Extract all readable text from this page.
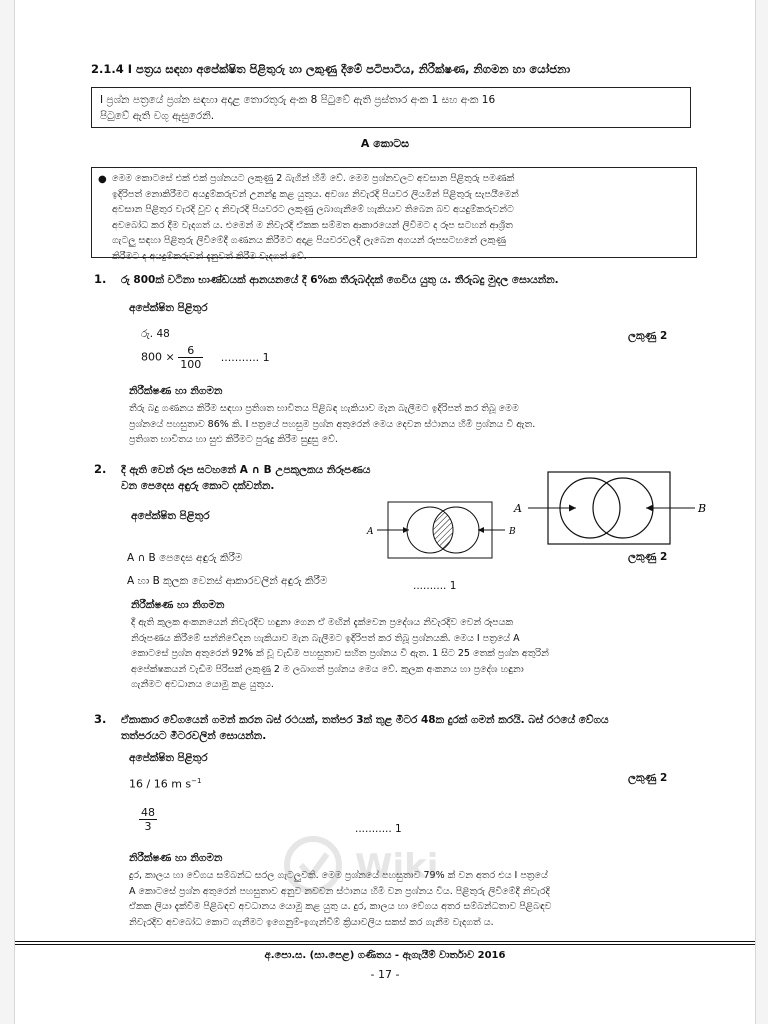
2.1.4 I පත්‍රය සඳහා අපේක්ෂිත පිළිතුරු හා ලකුණු දීමේ පටිපාටිය, නිරීක්ෂණ, නිගමන හා යෝජනා
I ප්‍රශ්න පත්‍රයේ ප්‍රශ්න සඳහා අදාළ තොරතුරු අංක 8 පිටුවේ ඇති ප්‍රස්තාර අංක 1 සහ අංක 16
පිටුවේ ඇති වගු ඇසුරෙනි.
A කොටස
● මෙම කොටසේ එක් එක් ප්‍රශ්නයට ලකුණු 2 බැගින් හිමි වේ. මෙම ප්‍රශ්නවලට අවසාන පිළිතුරු පමණක්
ඉදිරිපත් නොකිරීමට අයදුම්කරුවන් උනන්දු කළ යුතුය. අවශ්‍ය නිවැරදි පියවර ලියමින් පිළිතුරු සැපයීමෙන්
අවසාන පිළිතුර වැරදි වුව ද නිවැරදි පියවරට ලකුණු ලබාගැනීමේ හැකියාව තිබෙන බව අයදුම්කරුවන්ට
අවබෝධ කර දීම වැදගත් ය. එමෙන් ම නිවැරදි ඒකක සම්මත ආකාරයෙන් ලිවීමට ද රූප සටහන් ආශ්‍රිත
ගැටලු සඳහා පිළිතුරු ලිවීමේදී ගණනය කිරීමට අදාළ පියවරවලදී ලැබෙන අගයන් රූපසටහනේ ලකුණු
කිරීමට ද අයදුම්කරුවන් දැනුවත් කිරීම වැදගත් වේ.
1. රු 800ක් වටිනා භාණ්ඩයක් ආනයනයේ දී 6%ක තීරුබද්දක් ගෙවිය යුතු ය. තීරුබදු මුදල සොයන්න.
අපේක්ෂිත පිළිතුර
රු. 48
$800 \times \frac{6}{100}$ ........... 1
ලකුණු 2
නිරීක්ෂණ හා නිගමන
තීරු බදු ගණනය කිරීම සඳහා ප්‍රතිශත භාවිතය පිළිබඳ හැකියාව මැන බැලීමට ඉදිරිපත් කර තිබූ මෙම
ප්‍රශ්නයේ පහසුතාව 86% කි. I පත්‍රයේ පහසුම ප්‍රශ්න අතුරෙන් මෙය දෙවන ස්ථානය හිමි ප්‍රශ්නය වී ඇත.
ප්‍රතිශත භාවිතය හා සුළු කිරීමට පුරුදු කිරීම සුදුසු වේ.
2. දී ඇති වෙන් රූප සටහනේ A ∩ B උපකුලකය නිරූපණය
වන පෙදෙස අඳුරු කොට දක්වන්න.
A	B
අපේක්ෂිත පිළිතුර
A	B
A ∩ B පෙදෙස අඳුරු කිරීම	ලකුණු 2
A හා B කුලක වෙනස් ආකාරවලින් අඳුරු කිරීම	.......... 1
නිරීක්ෂණ හා නිගමන
දී ඇති කුලක අංකනයෙන් නිවැරදිව හඳුනා ගෙන ඒ මඟින් දැක්වෙන ප්‍රදේශය නිවැරදිව වෙන් රූපයක
නිරූපණය කිරීමේ සන්නිවේදන හැකියාව මැන බැලීමට ඉදිරිපත් කර තිබූ ප්‍රශ්නයකි. මෙය I පත්‍රයේ A
කොටසේ ප්‍රශ්න අතුරෙන් 92% ක් වූ වැඩිම පහසුතාව සහිත ප්‍රශ්නය වී ඇත. 1 සිට 25 තෙක් ප්‍රශ්න අතුරින්
අපේක්ෂකයන් වැඩිම පිරිසක් ලකුණු 2 ම ලබාගත් ප්‍රශ්නය මෙය වේ. කුලක අංකනය හා ප්‍රදේශ හඳුනා
ගැනීමට අවධානය යොමු කළ යුතුය.
3. ඒකාකාර වේගයෙන් ගමන් කරන බස් රථයක්, තත්පර 3ක් තුළ මීටර 48ක දුරක් ගමන් කරයි. බස් රථයේ වේගය
තත්පරයට මීටරවලින් සොයන්න.
අපේක්ෂිත පිළිතුර
16 / 16 m $s^{-1}$	ලකුණු 2
$\frac{48}{3}$	........... 1
නිරීක්ෂණ හා නිගමන
දුර, කාලය හා වේගය සම්බන්ධ සරල ගැටලුවකි. මෙම ප්‍රශ්නයේ පහසුතාව 79% ක් වන අතර එය I පත්‍රයේ
A කොටසේ ප්‍රශ්න අතුරෙන් පහසුතාව අනුව නවවන ස්ථානය හිමි වන ප්‍රශ්නය විය. පිළිතුරු ලිවීමේදී නිවැරදි
ඒකක ලියා දැක්වීම පිළිබඳව අවධානය යොමු කළ යුතු ය. දුර, කාලය හා වේගය අතර සම්බන්ධතාව පිළිබඳව
නිවැරදිව අවබෝධ කොට ගැනීමට ඉගෙනුම්-ඉගැන්වීම් ක්‍රියාවලිය සකස් කර ගැනීම වැදගත් ය.
Wiki
අ.පො.ස. (සා.පෙළ) ගණිතය - ඇගැයීම් වාර්තාව 2016
- 17 -
